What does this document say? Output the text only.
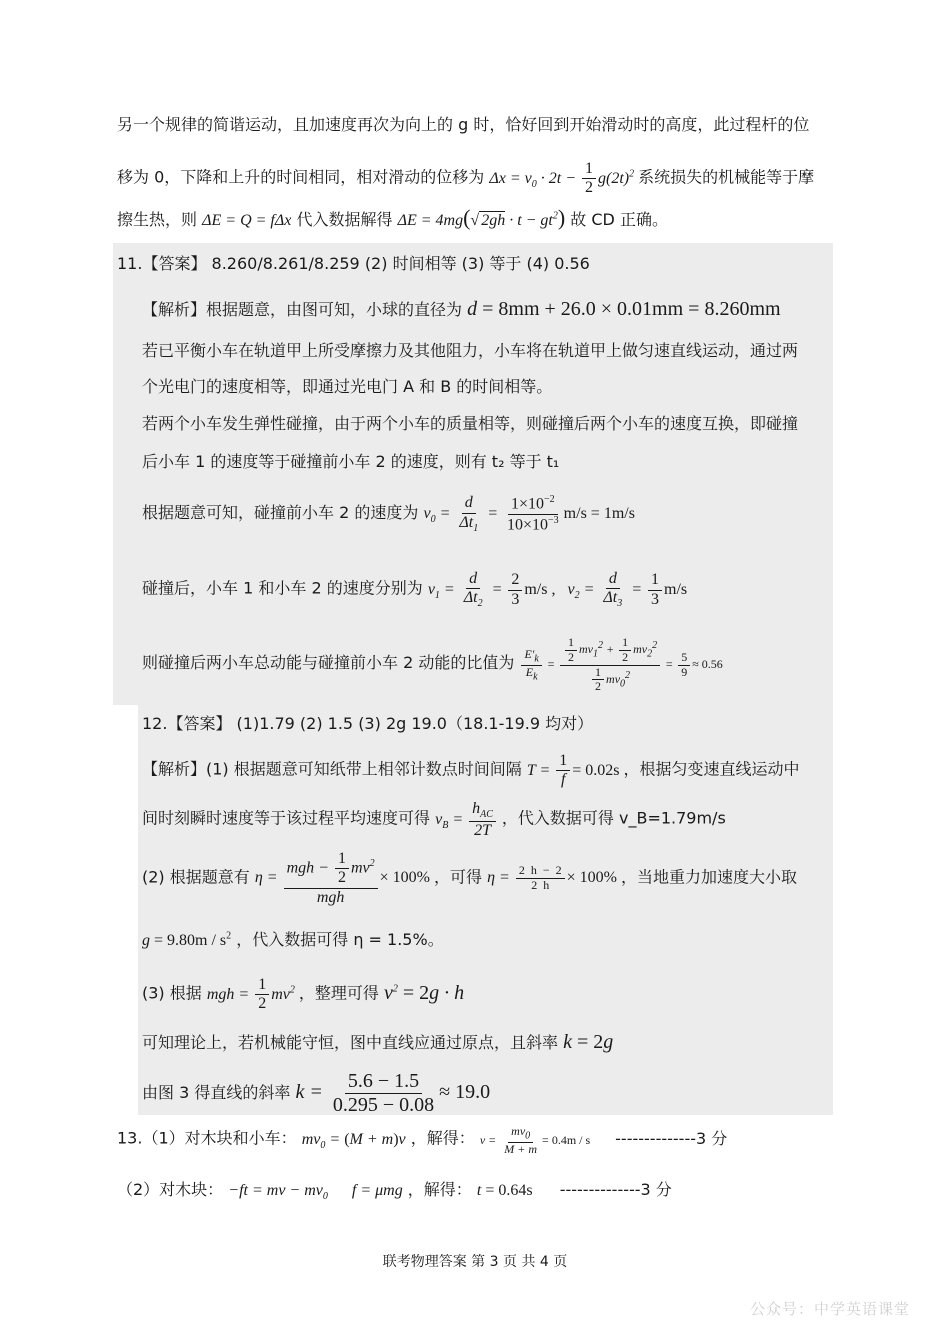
另一个规律的简谐运动，且加速度再次为向上的 g 时，恰好回到开始滑动时的高度，此过程杆的位
移为 0，下降和上升的时间相同，相对滑动的位移为 $\Delta x = v_0 \cdot 2t - \frac{1}{2} g(2t)^2$ 系统损失的机械能等于摩
擦生热，则 ΔE = Q = fΔx 代入数据解得 ΔE = 4mg(√ $2gh \cdot t - gt^2$) 故 CD 正确。
11.【答案】 8.260/8.261/8.259 (2) 时间相等 (3) 等于 (4) 0.56
【解析】根据题意，由图可知，小球的直径为 d = 8mm + 26.0 × 0.01mm = 8.260mm
若已平衡小车在轨道甲上所受摩擦力及其他阻力，小车将在轨道甲上做匀速直线运动，通过两
个光电门的速度相等，即通过光电门 A 和 B 的时间相等。
若两个小车发生弹性碰撞，由于两个小车的质量相等，则碰撞后两个小车的速度互换，即碰撞
后小车 1 的速度等于碰撞前小车 2 的速度，则有 t₂ 等于 t₁
根据题意可知，碰撞前小车 2 的速度为 $v_0 = \frac{d}{\Delta t_1} = \frac{1\times 10^{-2}}{10\times 10^{-3}} m/s = 1m/s$
碰撞后，小车 1 和小车 2 的速度分别为 $v_1 = \frac{d}{\Delta t_2} = \frac{2}{3} m/s$ ,   $v_2 = \frac{d}{\Delta t_3} = \frac{1}{3} m/s$
则碰撞后两小车总动能与碰撞前小车 2 动能的比值为 $\frac{E'_k}{E_k} = \frac{\frac{1}{2} mv_1^2 + \frac{1}{2} mv_2^2}{\frac{1}{2} mv_0^2} = \frac{5}{9} \approx 0.56$
12.【答案】 (1)1.79 (2) 1.5 (3) 2g 19.0（18.1-19.9 均对）
【解析】(1) 根据题意可知纸带上相邻计数点时间间隔 $T = \frac{1}{f} = 0.02s$ ，根据匀变速直线运动中
间时刻瞬时速度等于该过程平均速度可得 $v_B = \frac{h_{AC}}{2T}$ ，代入数据可得 v_B=1.79m/s
(2) 根据题意有 $\eta = \frac{mgh - \frac{1}{2} mv^2}{\text{mgh}} \times 100\%$ ，可得 $\eta = \frac{2 h - 2}{2 h} \times 100\%$ ，当地重力加速度大小取
$g = 9.80m / s^2$ ，代入数据可得 η = 1.5%。
(3) 根据 mgh = $\frac{1}{2} mv^2$ ，整理可得 $v^2 = 2g \cdot h$
可知理论上，若机械能守恒，图中直线应通过原点，且斜率 k = 2g
由图 3 得直线的斜率 $k = \frac{5.6 - 1.5}{0.295 - 0.08} \approx 19.0$
13.（1）对木块和小车： $mv_0 = (M + m)v$ ，解得： $v = \frac{mv_0}{M + m} = 0.4m / s$ --------------3 分
（2）对木块： −ft = mv − $mv_0$      f = μmg ，解得： t = 0.64s --------------3 分
联考物理答案 第 3 页 共 4 页
公众号：中学英语课堂
